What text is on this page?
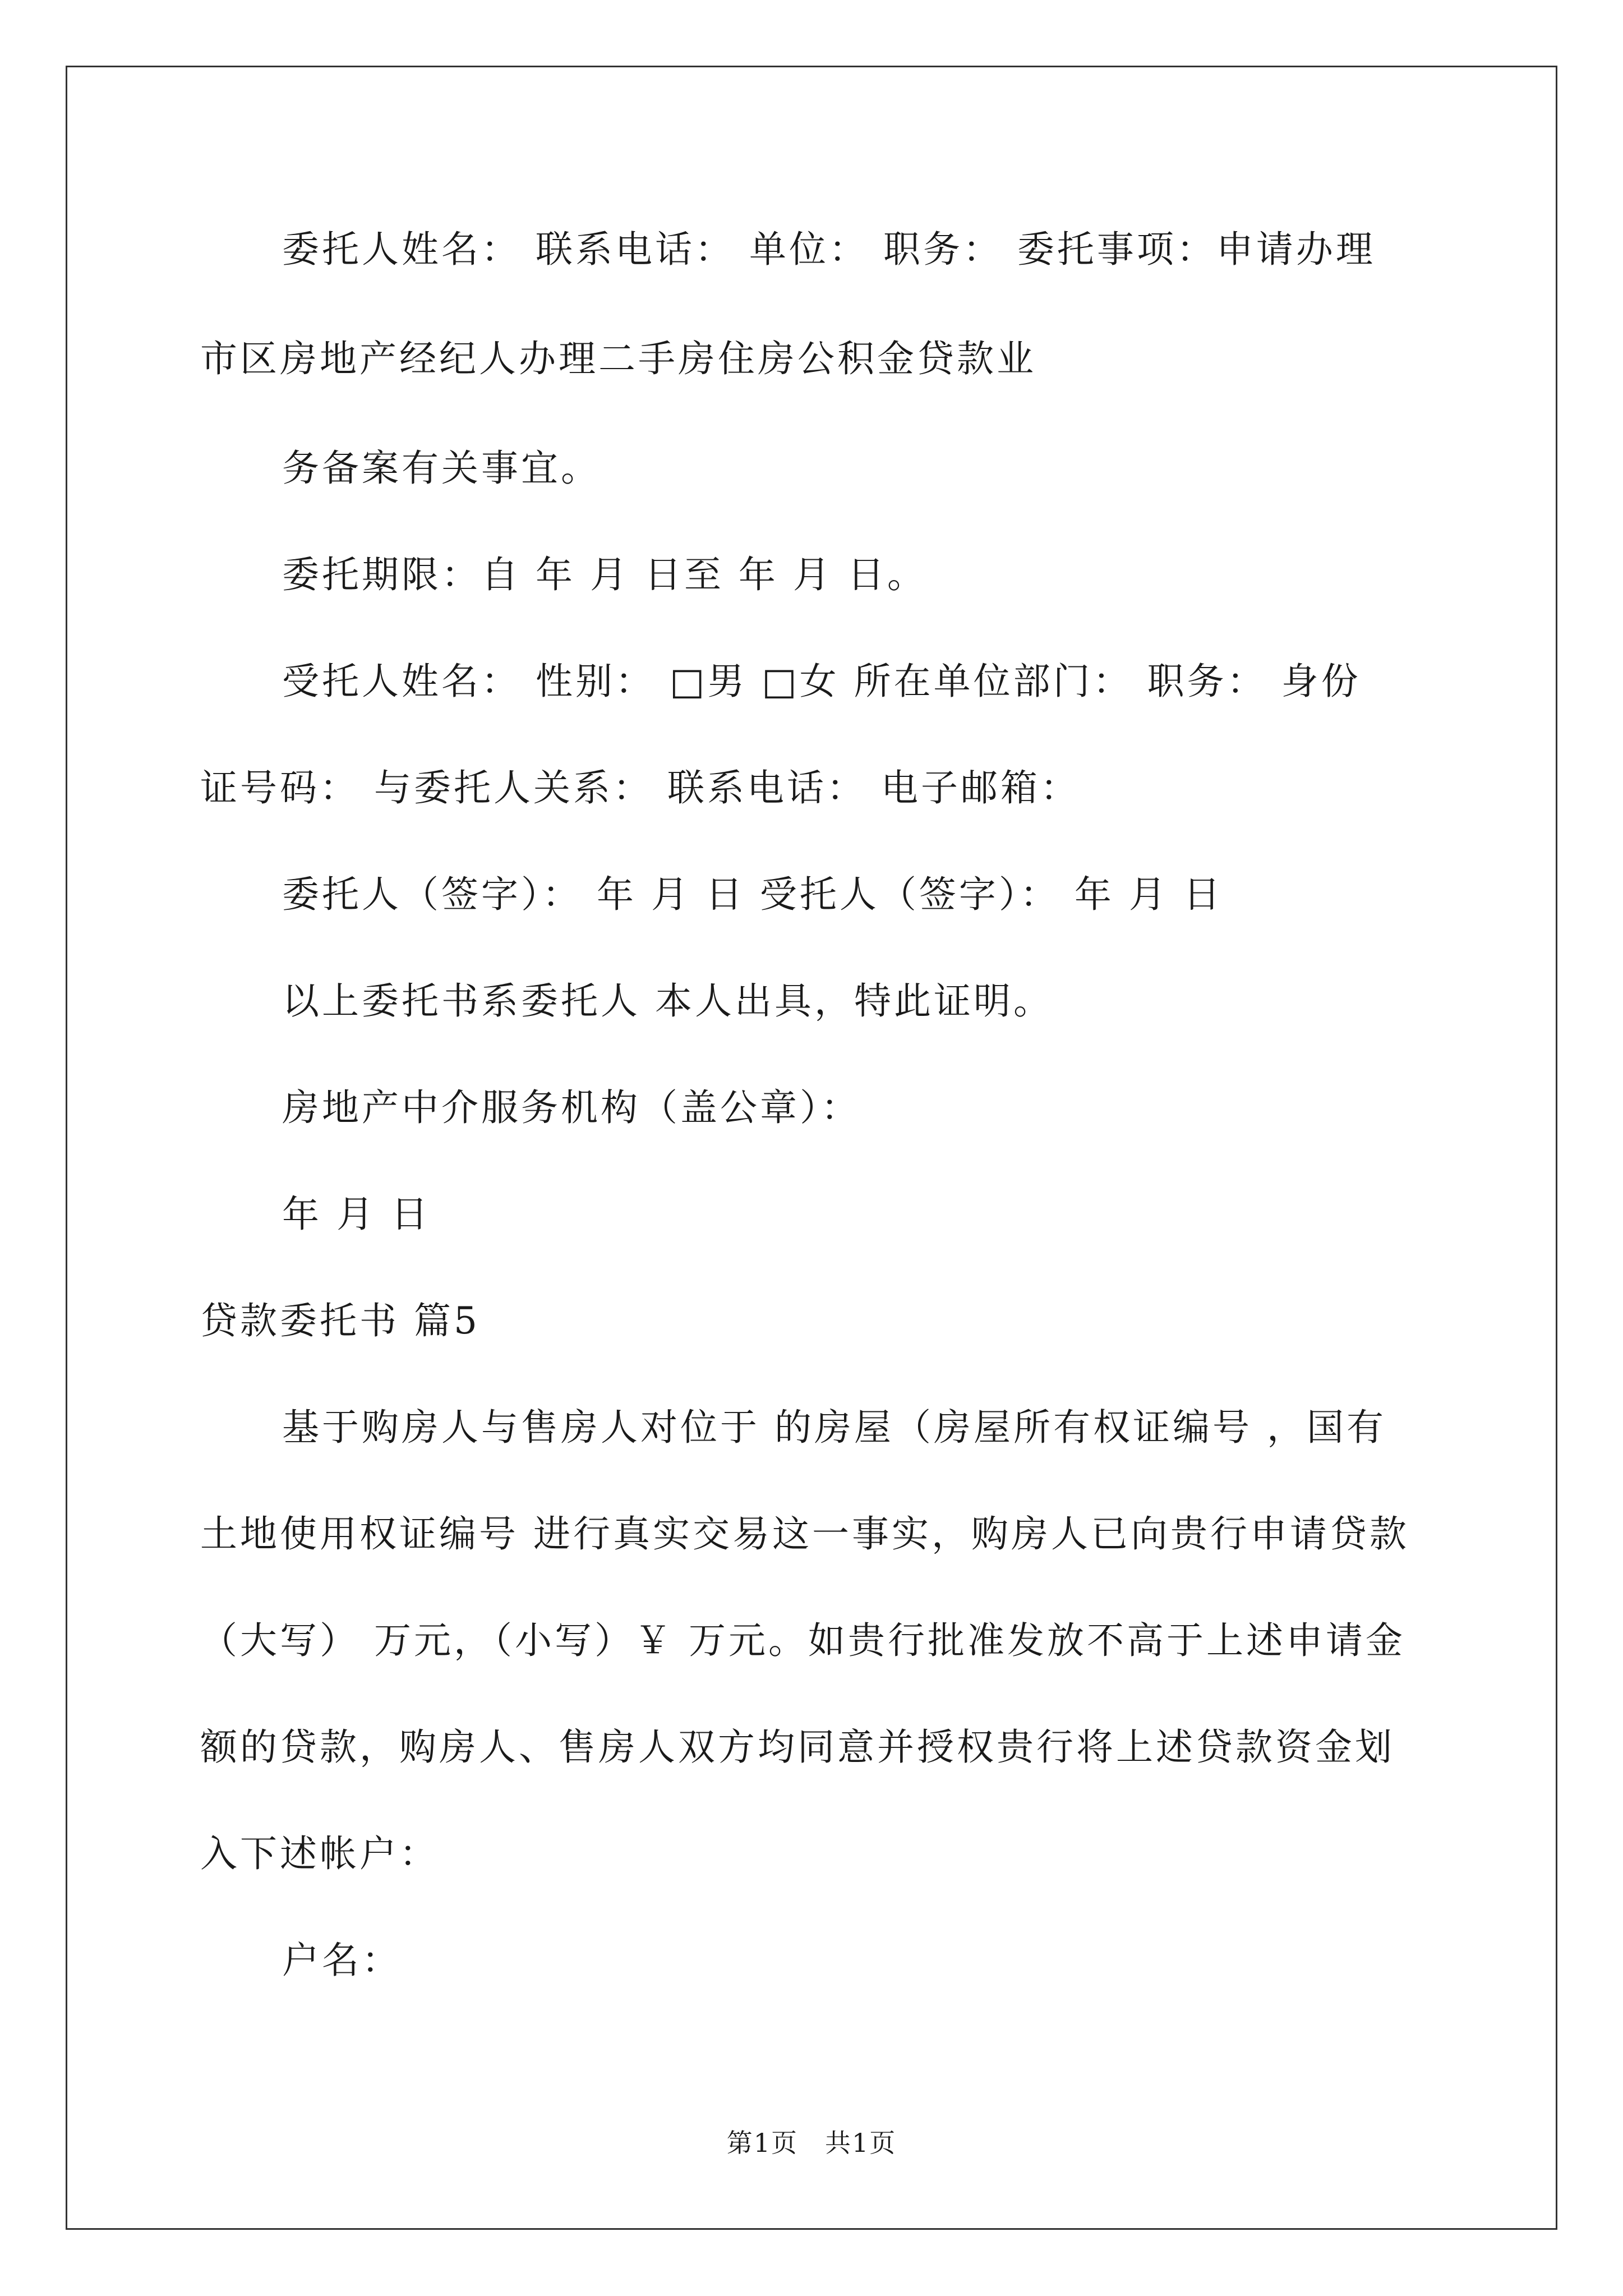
委托人姓名： 联系电话： 单位： 职务： 委托事项：申请办理
市区房地产经纪人办理二手房住房公积金贷款业
务备案有关事宜。
委托期限：自 年 月 日至 年 月 日。
受托人姓名： 性别： □男 □女 所在单位部门： 职务： 身份
证号码： 与委托人关系： 联系电话： 电子邮箱：
委托人（签字）： 年 月 日 受托人（签字）： 年 月 日
以上委托书系委托人 本人出具，特此证明。
房地产中介服务机构（盖公章）：
年 月 日
贷款委托书 篇5
基于购房人与售房人对位于 的房屋（房屋所有权证编号 ，国有
土地使用权证编号 进行真实交易这一事实，购房人已向贵行申请贷款
（大写） 万元，（小写）￥ 万元。如贵行批准发放不高于上述申请金
额的贷款，购房人、售房人双方均同意并授权贵行将上述贷款资金划
入下述帐户：
户名：
第1页　共1页
